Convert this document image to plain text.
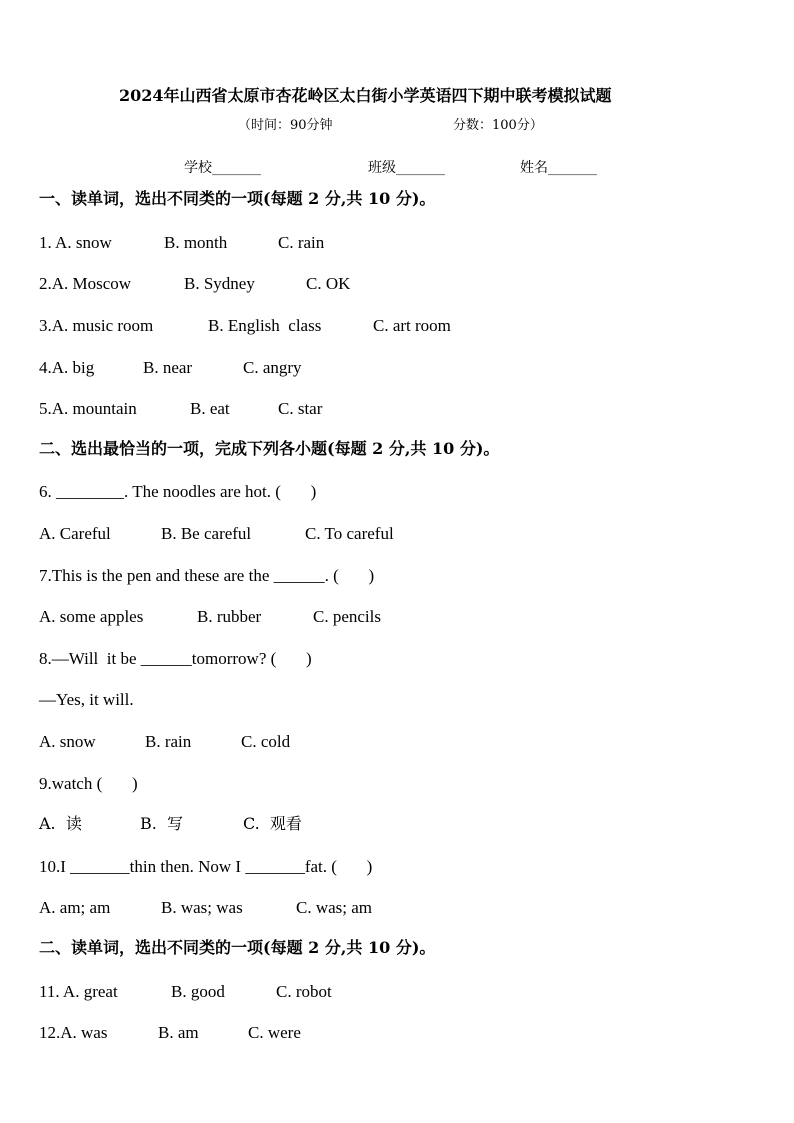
2024年山西省太原市杏花岭区太白街小学英语四下期中联考模拟试题
（时间：90分钟	分数：100分）
学校_______	班级_______	姓名_______
一、读单词，选出不同类的一项(每题 2 分,共 10 分)。
1. A. snow	B. month	C. rain
2.A. Moscow	B. Sydney	C. OK
3.A. music room	B. English  class	C. art room
4.A. big	B. near	C. angry
5.A. mountain	B. eat	C. star
二、选出最恰当的一项，完成下列各小题(每题 2 分,共 10 分)。
6. ________. The noodles are hot. (       )
A. Careful	B. Be careful	C. To careful
7.This is the pen and these are the ______. (       )
A. some apples	B. rubber	C. pencils
8.—Will  it be ______tomorrow? (       )
—Yes, it will.
A. snow	B. rain	C. cold
9.watch (       )
A.  读	B.  写	C.  观看
10.I _______thin then. Now I _______fat. (       )
A. am; am	B. was; was	C. was; am
二、读单词，选出不同类的一项(每题 2 分,共 10 分)。
11. A. great	B. good	C. robot
12.A. was	B. am	C. were
